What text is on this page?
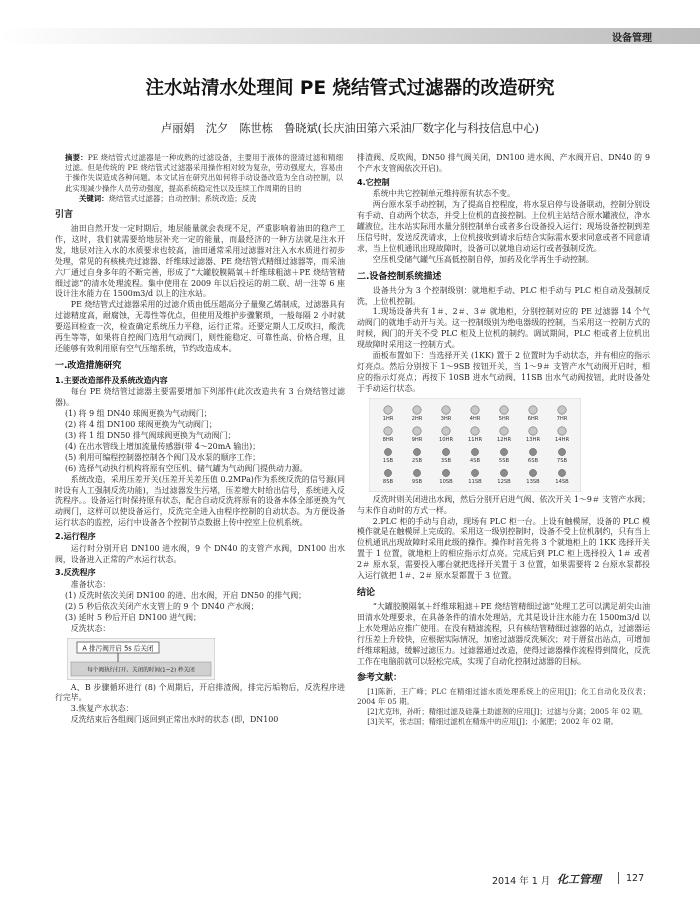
设备管理
注水站清水处理间 PE 烧结管式过滤器的改造研究
卢丽娟　沈夕　陈世栋　鲁晓斌(长庆油田第六采油厂数字化与科技信息中心)

摘要：PE 烧结管式过滤器是一种成熟的过滤设备，主要用于液体的澄清过滤和精细过滤。但是传统的 PE 烧结管式过滤器采用操作相对较为复杂，劳动强度大，容易由于操作失误造成各种问题。本文试旨在研究出如何将手动设备改造为全自动控制，以此实现减少操作人员劳动强度，提高系统稳定性以及连续工作周期的目的

关键词：烧结管式过滤器；自动控制；系统改造；反洗

引言

油田自然开发一定时期后，地层能量就会表现不足，严重影响着油田的稳产工作，这时，我们就需要给地层补充一定的能量，而最经济的一种方法就是注水开发，地层对注入水的水质要求也较高，油田通常采用过滤器对注入水水质进行初步处理，常见的有核桃壳过滤器、纤维球过滤器、PE 烧结管式精细过滤器等，而采油六厂通过自身多年的不断完善，形成了“大罐胶膜隔氧＋纤维球粗滤＋PE 烧结管精细过滤”的清水处理流程。集中使用在 2009 年以后投运的胡二联、胡一注等 6 座设计注水能力在 1500m3/d 以上的注水站。

PE 烧结管式过滤器采用的过滤介质由低压超高分子量聚乙烯制成，过滤器具有过滤精度高，耐腐蚀，无毒性等优点，但使用及维护步骤繁琐，一般每隔 2 小时就要巡回检查一次，检查确定系统压力平稳，运行正常。还要定期人工反吹扫，酸洗再生等等，如果将自控阀门选用气动阀门，则性能稳定、可靠性高、价格合理，且还能够有效利用原有空气压缩系统，节约改造成本。

一.改造措施研究
1.主要改造部件及系统改造内容

每台 PE 烧结管过滤器主要需要增加下列部件(此次改造共有 3 台烧结管过滤器)。

(1) 将 9 组 DN40 球阀更换为气动阀门；

(2) 将 4 组 DN100 球阀更换为气动阀门；

(3) 将 1 组 DN50 排气阀球阀更换为气动阀门；

(4) 在出水管线上增加流量传感器(带 4～20mA 输出)；

(5) 利用可编程控制器控制各个阀门及水泵的顺序工作；

(6) 选择气动执行机构将原有空压机、储气罐为气动阀门提供动力源。

系统改造，采用压差开关(压差开关差压值 0.2MPa)作为系统反洗的信号源(同时设有人工强制反洗功能)，当过滤器发生污堵，压差增大时给出信号，系统进入反洗程序。。设备运行时保持原有状态，配合自动反洗将原有的设备本体全部更换为气动阀门，这样可以使设备运行，反洗完全进入由程序控制的自动状态。为方便设备运行状态的监控，运行中设备各个控制节点数据上传中控室上位机系统。

2.运行程序

运行时分别开启 DN100 进水阀，9 个 DN40 的支管产水阀，DN100 出水阀，设备进入正常的产水运行状态。

3.反洗程序

准备状态：

(1) 反洗时依次关闭 DN100 的进、出水阀，开启 DN50 的排气阀；

(2) 5 秒后依次关闭产水支管上的 9 个 DN40 产水阀；

(3) 延时 5 秒后开启 DN100 进气阀；

反洗状态：

A 排污阀开启 5s 后关闭
每个阀执行打开、关闭的时间(1~2) 秒关闭

A、B 步骤循环进行 (8) 个周期后，开启排渣阀，排完污垢物后，反洗程序进行完毕。

3.恢复产水状态：

反洗结束后各组阀门返回到正常出水时的状态 (即，DN100

排渣阀、反吹阀，DN50 排气阀关闭，DN100 进水阀、产水阀开启、DN40 的 9 个产水支管阀依次开启)。

4.它控制

系统中共它控制单元维持原有状态不变。

两台原水泵手动控制，为了提高自控程度，将水泵启停与设备联动，控制分别设有手动、自动两个状态，并受上位机的直接控制。上位机主站结合原水罐液位，净水罐液位，注水站实际用水量分别控制单台或者多台设备投入运行；现场设备控制到差压信号时，发送反洗请求，上位机接收到请求后结合实际需水要求同意或者不同意请求，当上位机通讯出现故障时，设备可以就地自动运行或者强制反洗。

空压机受储气罐气压高低控制自停，加药及化学再生手动控制。

二.设备控制系统描述

设备共分为 3 个控制级别：就地柜手动、PLC 柜手动与 PLC 柜自动及强制反洗，上位机控制。

1.现场设备共有 1＃、2＃、3＃ 就地柜，分别控制对应的 PE 过滤器 14 个气动阀门的就地手动开与关。这一控制级别为绝电器级的控制，当采用这一控制方式的时候，阀门的开关不受 PLC 柜及上位机的制约。调试期间，PLC 柜或者上位机出现故障时采用这一控制方式。

面板布置如下：当选择开关 (1KK) 置于 2 位置时为手动状态，并有相应的指示灯亮点。然后分别按下 1～9SB 按钮开关，当 1～9＃ 支管产水气动阀开启时，相应的指示灯亮点；再按下 10SB 进水气动阀、11SB 出水气动阀按钮，此时设备处于手动运行状态。

1HR	2HR	3HR	4HR	5HR	6HR	7HR
8HR	9HR	10HR	11HR	12HR	13HR	14HR
1SB	2SB	3SB	4SB	5SB	6SB	7SB
8SB	9SB	10SB	11SB	12SB	13SB	14SB

反洗时则关闭进出水阀，然后分别开启进气阀、依次开关 1～9＃ 支管产水阀；与末作自动时的方式一样。

2.PLC 柜的手动与自动，现场有 PLC 柜一台。上设有触模屏，设备的 PLC 模模作就是在触模屏上完成的。采用这一级别控制时，设备不受上位机制约，只有当上位机通讯出现故障时采用此级的操作。操作时首先将 3 个就地柜上的 1KK 选择开关置于 1 位置，就地柜上的相应指示灯点亮。完成后到 PLC 柜上选择投入 1＃ 或者 2＃ 原水泵，需要投入哪台就把选择开关置于 3 位置，如果需要将 2 台原水泵都投入运行就把 1＃、2＃ 原水泵都置于 3 位置。

结论

“大罐胶膜隔氧＋纤维球粗滤＋PE 烧结管精细过滤”处理工艺可以满足胡尖山油田清水处理要求，在具备条件的清水处理站，尤其是设计注水能力在 1500m3/d 以上水处理站应推广使用。在没有精滤流程，只有核结管精细过滤器的站点，过滤器运行压差上升较快，应根据实际情况，加密过滤器反洗频次；对于厝贫出站点，可增加纤维球粗滤，缓解过滤压力。过滤器通过改造，使得过滤器操作流程得到简化，反洗工作在电脑前就可以轻松完成，实现了自动化控制过滤器的目标。

参考文献：

[1]陈新，王广峰；PLC 在精细过滤水质处理系统上的应用[J]；化工自动化及仪表；2004 年 05 期。

[2]尤克玮，孙昕；精细过滤及硅藻土助滤剂的应用[J]；过滤与分离；2005 年 02 期。

[3]关军，张志国；精细过滤机在精炼中的应用[J]；小氮肥；2002 年 02 期。

2014 年 1 月 化工管理	127
